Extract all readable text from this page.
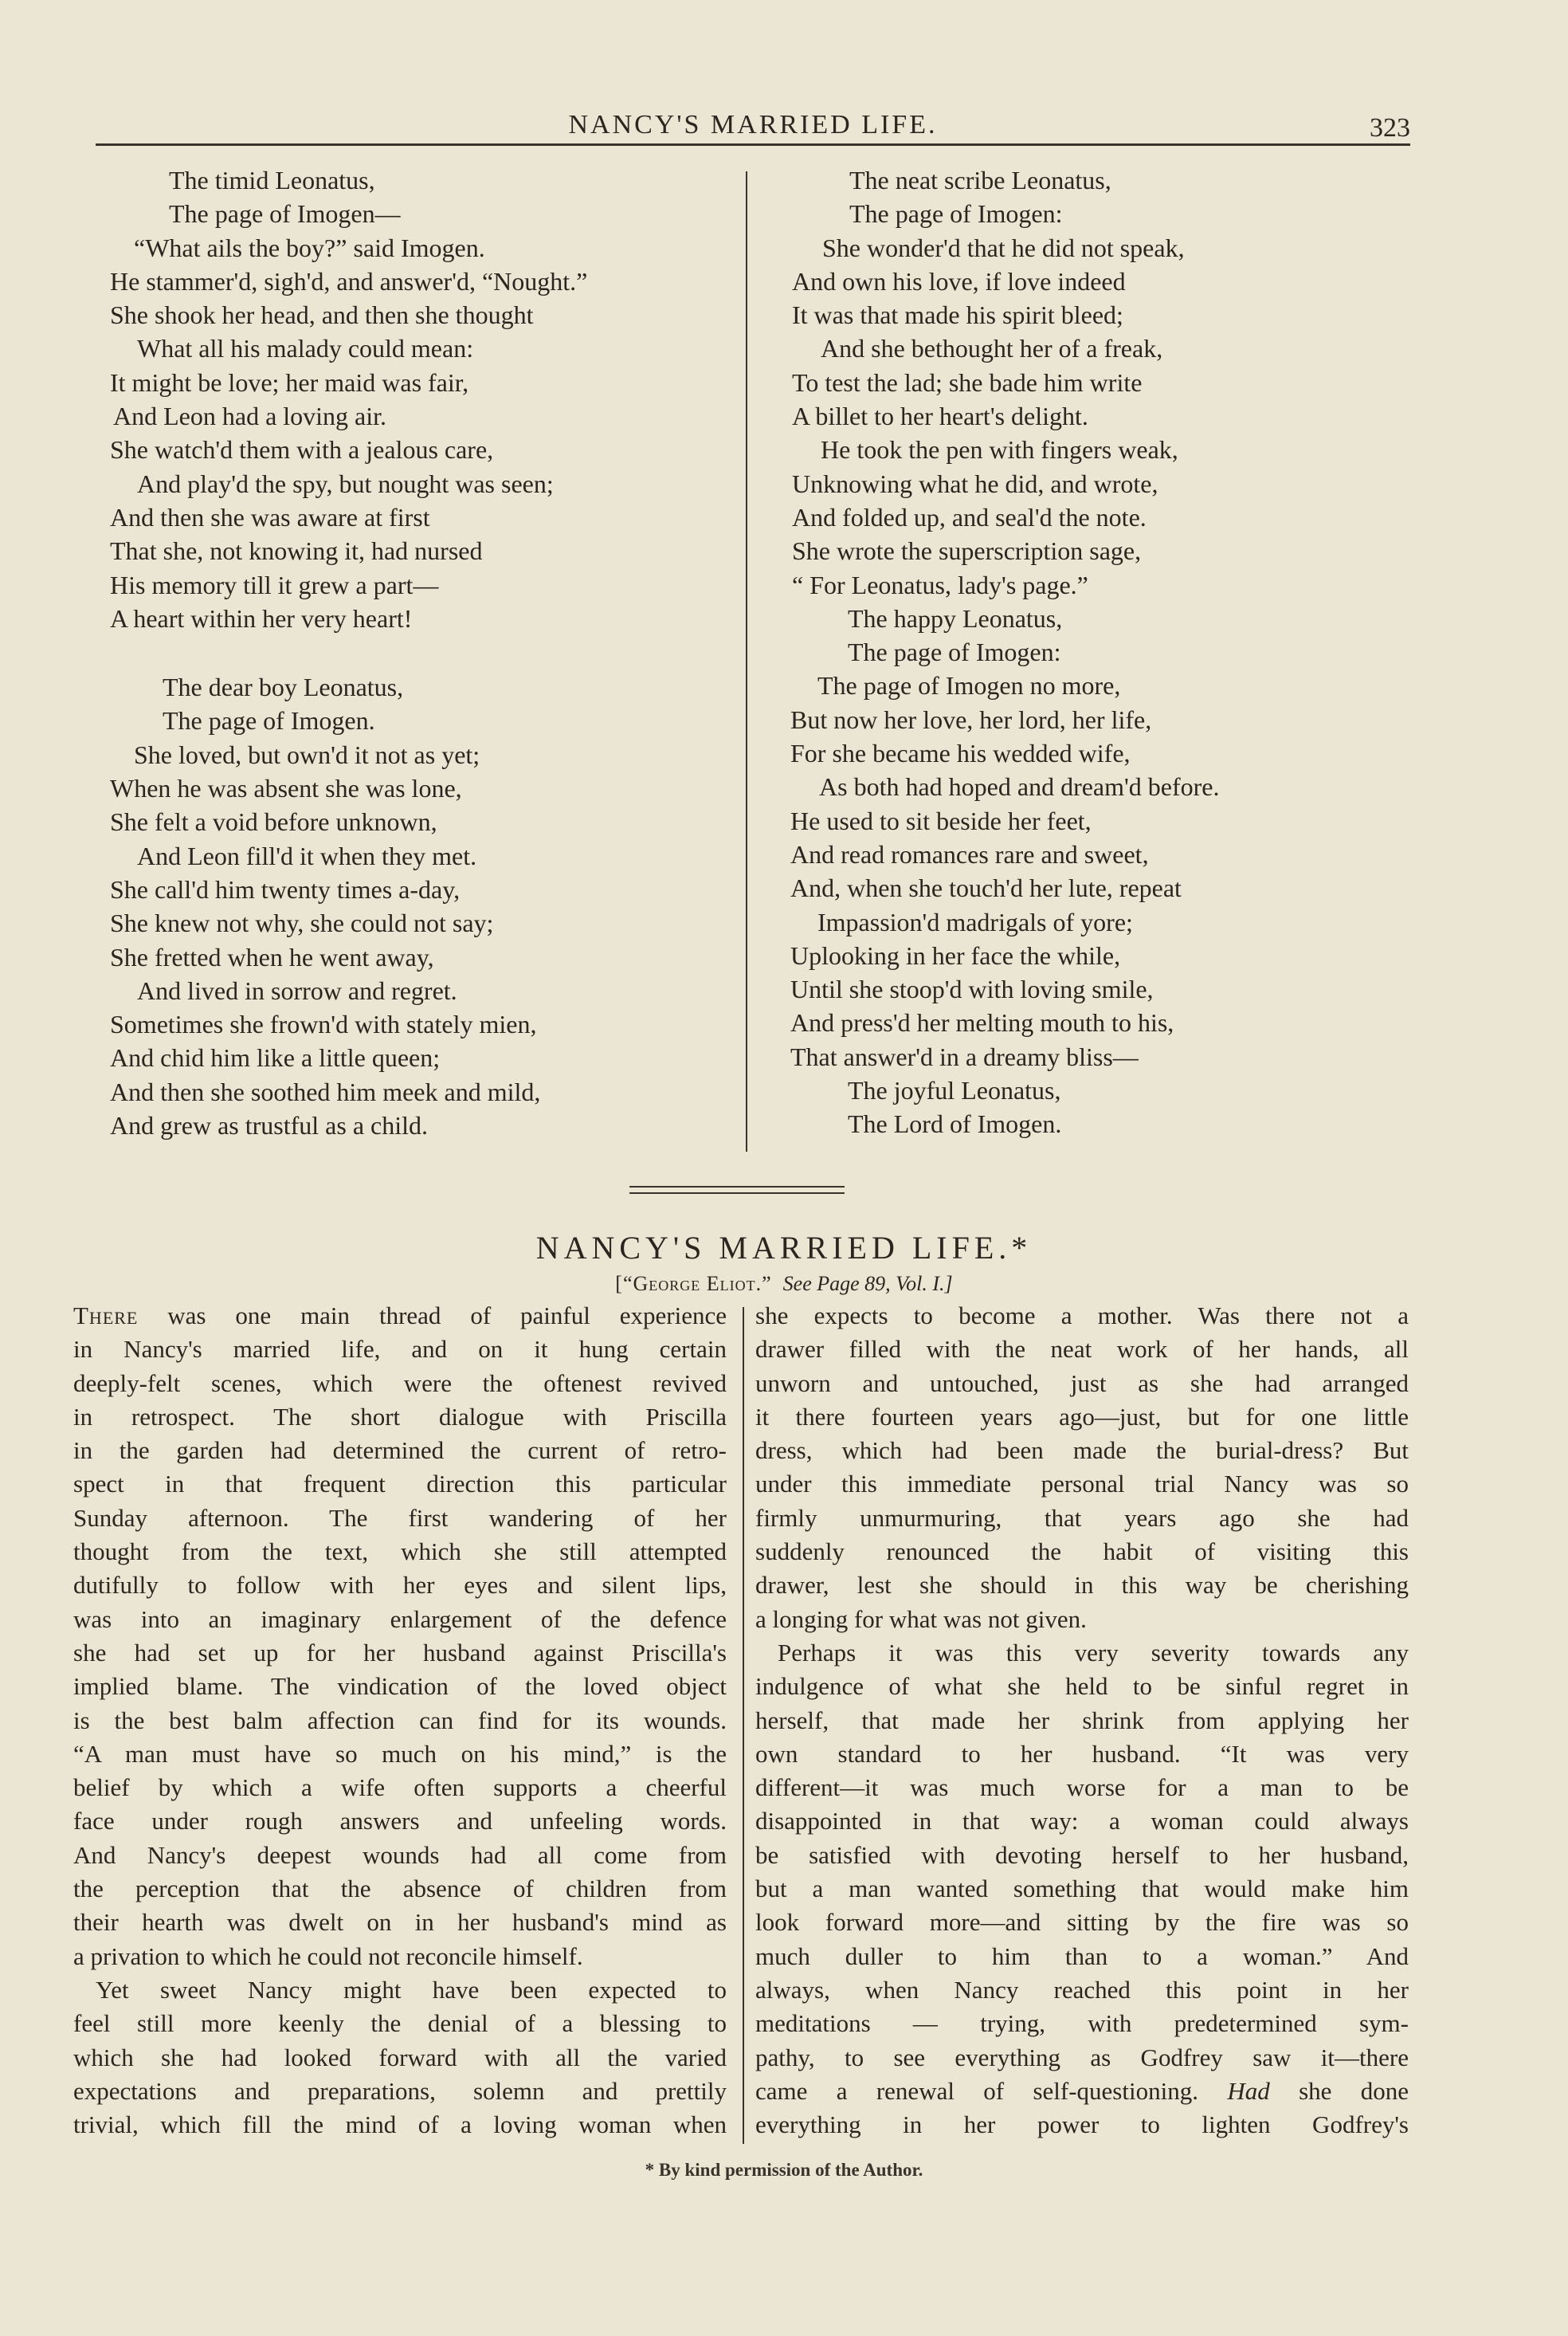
NANCY'S MARRIED LIFE.	323
The timid Leonatus,
The page of Imogen—
“What ails the boy?” said Imogen.
He stammer'd, sigh'd, and answer'd, “Nought.”
She shook her head, and then she thought
What all his malady could mean:
It might be love; her maid was fair,
And Leon had a loving air.
She watch'd them with a jealous care,
And play'd the spy, but nought was seen;
And then she was aware at first
That she, not knowing it, had nursed
His memory till it grew a part—
A heart within her very heart!
The dear boy Leonatus,
The page of Imogen.
She loved, but own'd it not as yet;
When he was absent she was lone,
She felt a void before unknown,
And Leon fill'd it when they met.
She call'd him twenty times a-day,
She knew not why, she could not say;
She fretted when he went away,
And lived in sorrow and regret.
Sometimes she frown'd with stately mien,
And chid him like a little queen;
And then she soothed him meek and mild,
And grew as trustful as a child.
The neat scribe Leonatus,
The page of Imogen:
She wonder'd that he did not speak,
And own his love, if love indeed
It was that made his spirit bleed;
And she bethought her of a freak,
To test the lad; she bade him write
A billet to her heart's delight.
He took the pen with fingers weak,
Unknowing what he did, and wrote,
And folded up, and seal'd the note.
She wrote the superscription sage,
“ For Leonatus, lady's page.”
The happy Leonatus,
The page of Imogen:
The page of Imogen no more,
But now her love, her lord, her life,
For she became his wedded wife,
As both had hoped and dream'd before.
He used to sit beside her feet,
And read romances rare and sweet,
And, when she touch'd her lute, repeat
Impassion'd madrigals of yore;
Uplooking in her face the while,
Until she stoop'd with loving smile,
And press'd her melting mouth to his,
That answer'd in a dreamy bliss—
The joyful Leonatus,
The Lord of Imogen.
NANCY'S MARRIED LIFE.*
[“George Eliot.” See Page 89, Vol. I.]
There was one main thread of painful experience
in Nancy's married life, and on it hung certain
deeply-felt scenes, which were the oftenest revived
in retrospect. The short dialogue with Priscilla
in the garden had determined the current of retro-
spect in that frequent direction this particular
Sunday afternoon. The first wandering of her
thought from the text, which she still attempted
dutifully to follow with her eyes and silent lips,
was into an imaginary enlargement of the defence
she had set up for her husband against Priscilla's
implied blame. The vindication of the loved object
is the best balm affection can find for its wounds.
“A man must have so much on his mind,” is the
belief by which a wife often supports a cheerful
face under rough answers and unfeeling words.
And Nancy's deepest wounds had all come from
the perception that the absence of children from
their hearth was dwelt on in her husband's mind as
a privation to which he could not reconcile himself.
Yet sweet Nancy might have been expected to
feel still more keenly the denial of a blessing to
which she had looked forward with all the varied
expectations and preparations, solemn and prettily
trivial, which fill the mind of a loving woman when
she expects to become a mother. Was there not a
drawer filled with the neat work of her hands, all
unworn and untouched, just as she had arranged
it there fourteen years ago—just, but for one little
dress, which had been made the burial-dress? But
under this immediate personal trial Nancy was so
firmly unmurmuring, that years ago she had
suddenly renounced the habit of visiting this
drawer, lest she should in this way be cherishing
a longing for what was not given.
Perhaps it was this very severity towards any
indulgence of what she held to be sinful regret in
herself, that made her shrink from applying her
own standard to her husband. “It was very
different—it was much worse for a man to be
disappointed in that way: a woman could always
be satisfied with devoting herself to her husband,
but a man wanted something that would make him
look forward more—and sitting by the fire was so
much duller to him than to a woman.” And
always, when Nancy reached this point in her
meditations — trying, with predetermined sym-
pathy, to see everything as Godfrey saw it—there
came a renewal of self-questioning. Had she done
everything in her power to lighten Godfrey's
* By kind permission of the Author.
